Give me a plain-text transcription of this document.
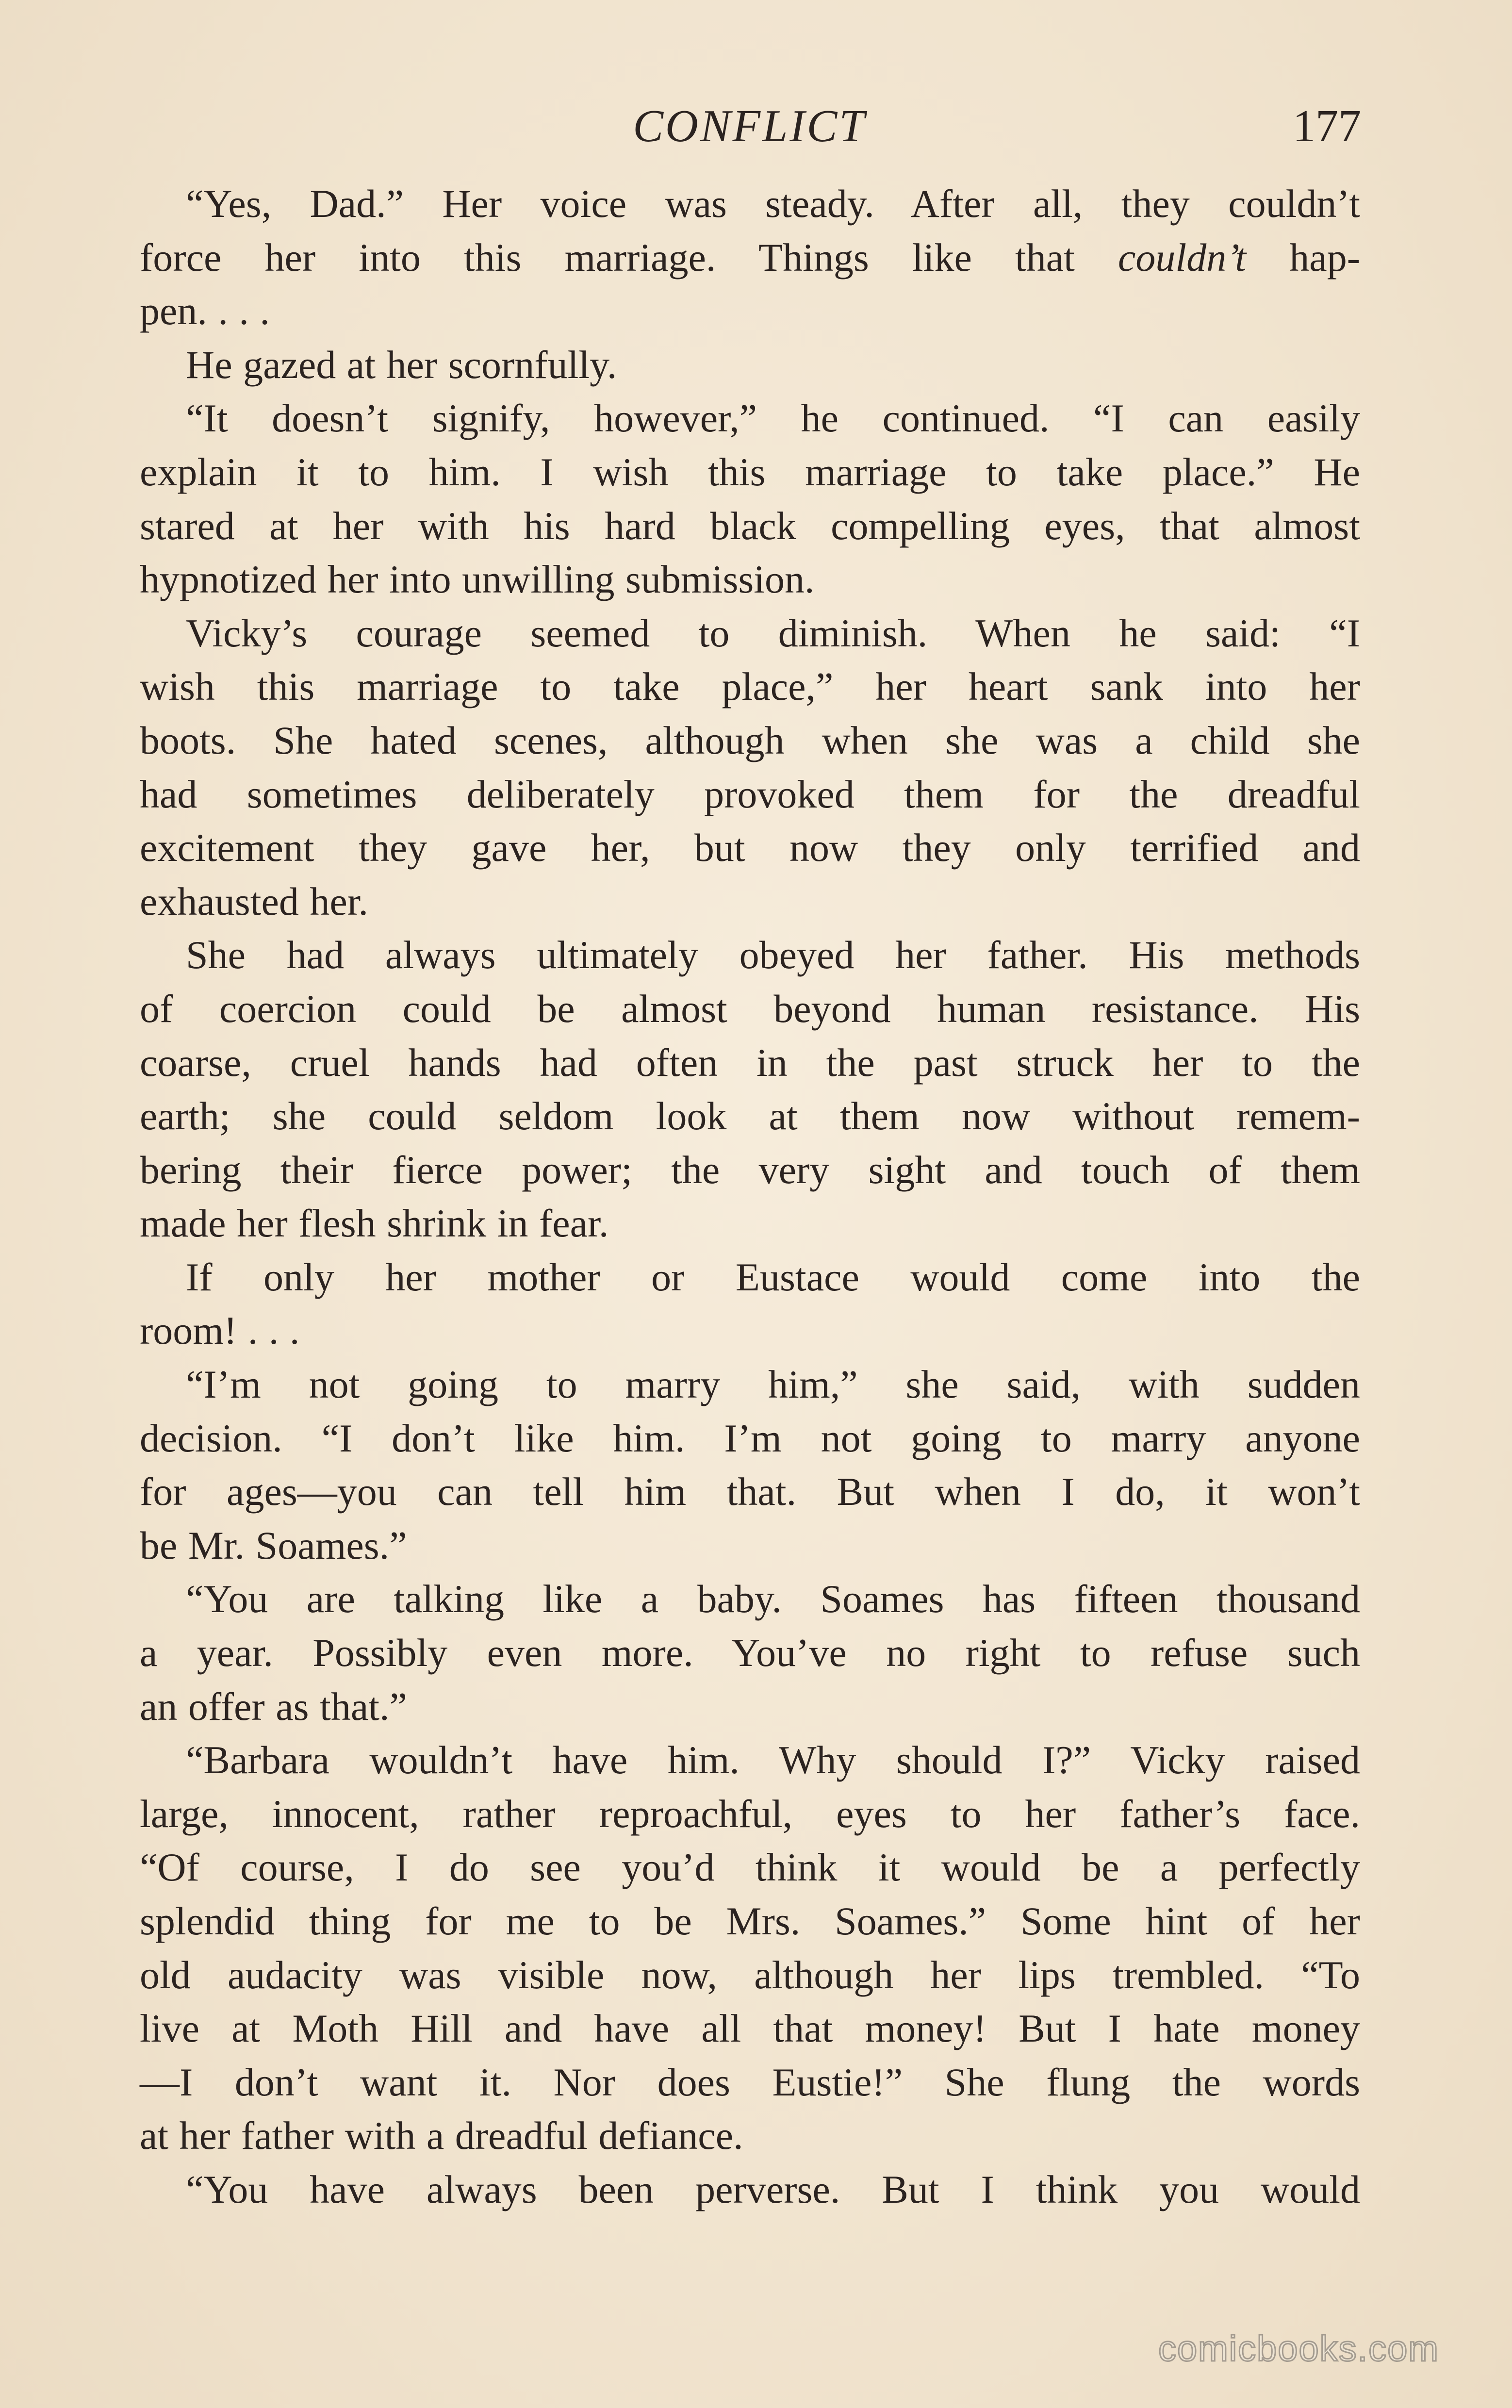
CONFLICT	177
“Yes, Dad.” Her voice was steady. After all, they couldn’t
force her into this marriage. Things like that couldn’t hap-
pen. . . .
He gazed at her scornfully.
“It doesn’t signify, however,” he continued. “I can easily
explain it to him. I wish this marriage to take place.” He
stared at her with his hard black compelling eyes, that almost
hypnotized her into unwilling submission.
Vicky’s courage seemed to diminish. When he said: “I
wish this marriage to take place,” her heart sank into her
boots. She hated scenes, although when she was a child she
had sometimes deliberately provoked them for the dreadful
excitement they gave her, but now they only terrified and
exhausted her.
She had always ultimately obeyed her father. His methods
of coercion could be almost beyond human resistance. His
coarse, cruel hands had often in the past struck her to the
earth; she could seldom look at them now without remem-
bering their fierce power; the very sight and touch of them
made her flesh shrink in fear.
If only her mother or Eustace would come into the
room! . . .
“I’m not going to marry him,” she said, with sudden
decision. “I don’t like him. I’m not going to marry anyone
for ages—you can tell him that. But when I do, it won’t
be Mr. Soames.”
“You are talking like a baby. Soames has fifteen thousand
a year. Possibly even more. You’ve no right to refuse such
an offer as that.”
“Barbara wouldn’t have him. Why should I?” Vicky raised
large, innocent, rather reproachful, eyes to her father’s face.
“Of course, I do see you’d think it would be a perfectly
splendid thing for me to be Mrs. Soames.” Some hint of her
old audacity was visible now, although her lips trembled. “To
live at Moth Hill and have all that money! But I hate money
—I don’t want it. Nor does Eustie!” She flung the words
at her father with a dreadful defiance.
“You have always been perverse. But I think you would
comicbooks.com
